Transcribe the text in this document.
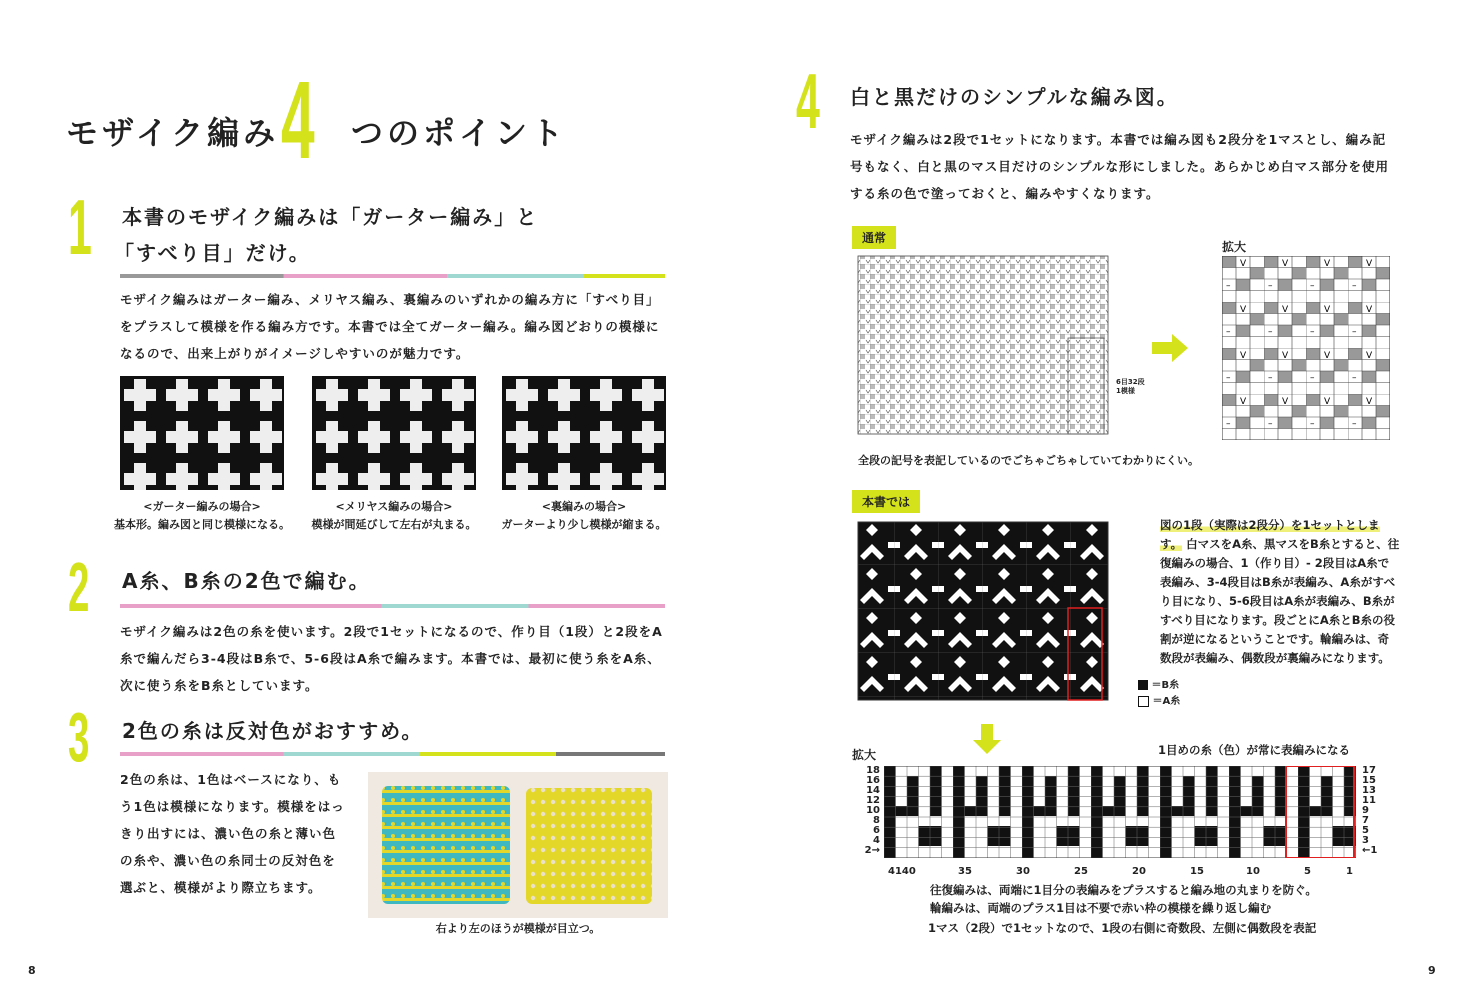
モザイク編み 4 つのポイント
1 本書のモザイク編みは「ガーター編み」と
「すべり目」だけ。
モザイク編みはガーター編み、メリヤス編み、裏編みのいずれかの編み方に「すべり目」をプラスして模様を作る編み方です。本書では全てガーター編み。編み図どおりの模様になるので、出来上がりがイメージしやすいのが魅力です。
<ガーター編みの場合>
基本形。編み図と同じ模様になる。
<メリヤス編みの場合>
模様が間延びして左右が丸まる。
<裏編みの場合>
ガーターより少し模様が縮まる。
2 A糸、B糸の2色で編む。
モザイク編みは2色の糸を使います。2段で1セットになるので、作り目（1段）と2段をA糸で編んだら3-4段はB糸で、5-6段はA糸で編みます。本書では、最初に使う糸をA糸、次に使う糸をB糸としています。
3 2色の糸は反対色がおすすめ。
2色の糸は、1色はベースになり、もう1色は模様になります。模様をはっきり出すには、濃い色の糸と薄い色の糸や、濃い色の糸同士の反対色を選ぶと、模様がより際立ちます。
右より左のほうが模様が目立つ。
8
4 白と黒だけのシンプルな編み図。
モザイク編みは2段で1セットになります。本書では編み図も2段分を1マスとし、編み記号もなく、白と黒のマス目だけのシンプルな形にしました。あらかじめ白マス部分を使用する糸の色で塗っておくと、編みやすくなります。
通常
6目32段
1模様
拡大
全段の記号を表記しているのでごちゃごちゃしていてわかりにくい。
本書では
図の1段（実際は2段分）を1セットとします。 白マスをA糸、黒マスをB糸とすると、往復編みの場合、1（作り目）- 2段目はA糸で表編み、3-4段目はB糸が表編み、A糸がすべり目になり、5-6段目はA糸が表編み、B糸がすべり目になります。段ごとにA糸とB糸の役割が逆になるということです。輪編みは、奇数段が表編み、偶数段が裏編みになります。
＝B糸
＝A糸
拡大	1目めの糸（色）が常に表編みになる
18
16
14
12
10
8
6
4
2→
17
15
13
11
9
7
5
3
←1
4140	35	30	25	20	15	10	5	1
往復編みは、両端に1目分の表編みをプラスすると編み地の丸まりを防ぐ。
輪編みは、両端のプラス1目は不要で赤い枠の模様を繰り返し編む
1マス（2段）で1セットなので、1段の右側に奇数段、左側に偶数段を表記
9
